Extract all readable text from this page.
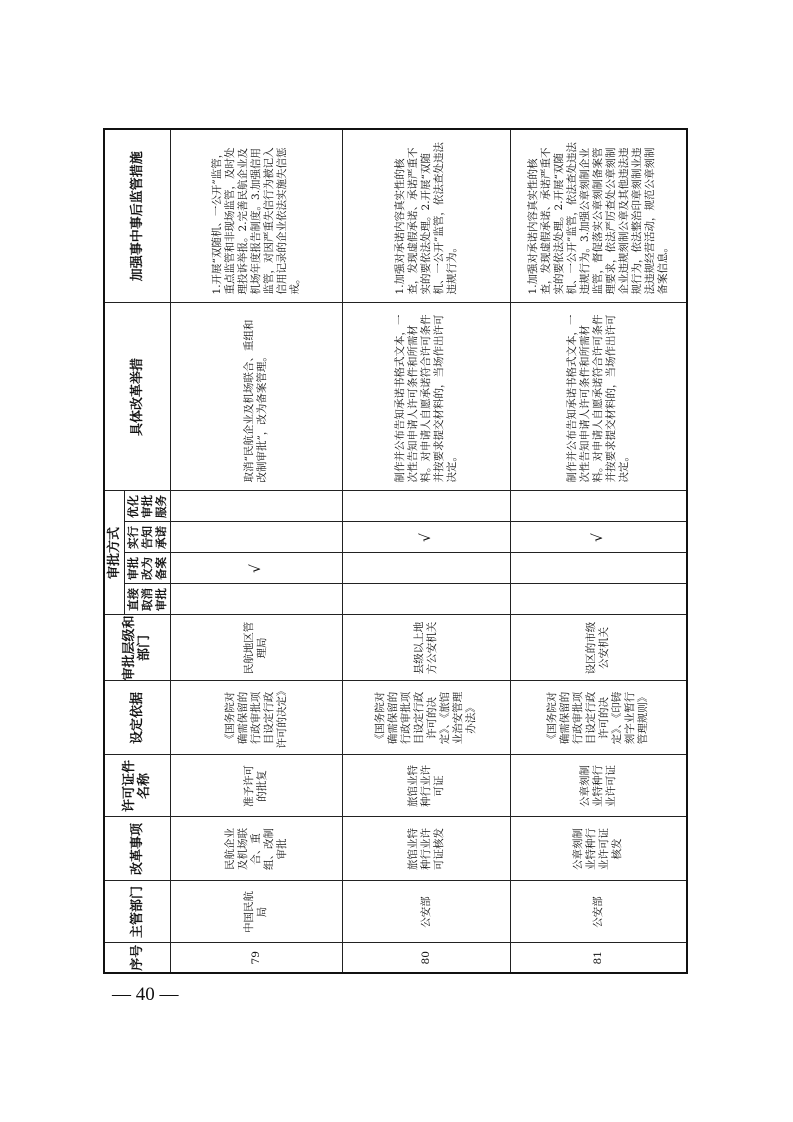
序号	主管部门	改革事项	许可证件名称	设定依据	审批层级和部门	审批方式				具体改革举措	加强事中事后监管措施
						直接取消审批	审批改为备案	实行告知承诺	优化审批服务		
79	中国民航局	民航企业及机场联合、重组、改制审批	准予许可的批复	《国务院对确需保留的行政审批项目设定行政许可的决定》	民航地区管理局		√			取消“民航企业及机场联合、重组和改制审批”，改为备案管理。	1.开展“双随机、一公开”监管，重点监管和非现场监管，及时处理投诉举报。2.完善民航企业及机场年度报告制度。3.加强信用监管，对因严重失信行为被记入信用记录的企业依法实施失信惩戒。
80	公安部	旅馆业特种行业许可证核发	旅馆业特种行业许可证	《国务院对确需保留的行政审批项目设定行政许可的决定》、《旅馆业治安管理办法》	县级以上地方公安机关			√		制作并公布告知承诺书格式文本，一次性告知申请人许可条件和所需材料。对申请人自愿承诺符合许可条件并按要求提交材料的，当场作出许可决定。	1.加强对承诺内容真实性的核查，发现虚假承诺、承诺严重不实的要依法处理。2.开展“双随机、一公开”监管，依法查处违法违规行为。
81	公安部	公章刻制业特种行业许可证核发	公章刻制业特种行业许可证	《国务院对确需保留的行政审批项目设定行政许可的决定》、《印铸刻字业暂行管理规则》	设区的市级公安机关			√		制作并公布告知承诺书格式文本，一次性告知申请人许可条件和所需材料。对申请人自愿承诺符合许可条件并按要求提交材料的，当场作出许可决定。	1.加强对承诺内容真实性的核查，发现虚假承诺、承诺严重不实的要依法处理。2.开展“双随机、一公开”监管，依法查处违法违规行为。3.加强公章刻制企业监管，督促落实公章刻制备案管理要求，依法严厉查处公章刻制企业违规刻制公章及其他违法违规行为，依法整治印章刻制业违法违规经营活动，规范公章刻制备案信息。
— 40 —
